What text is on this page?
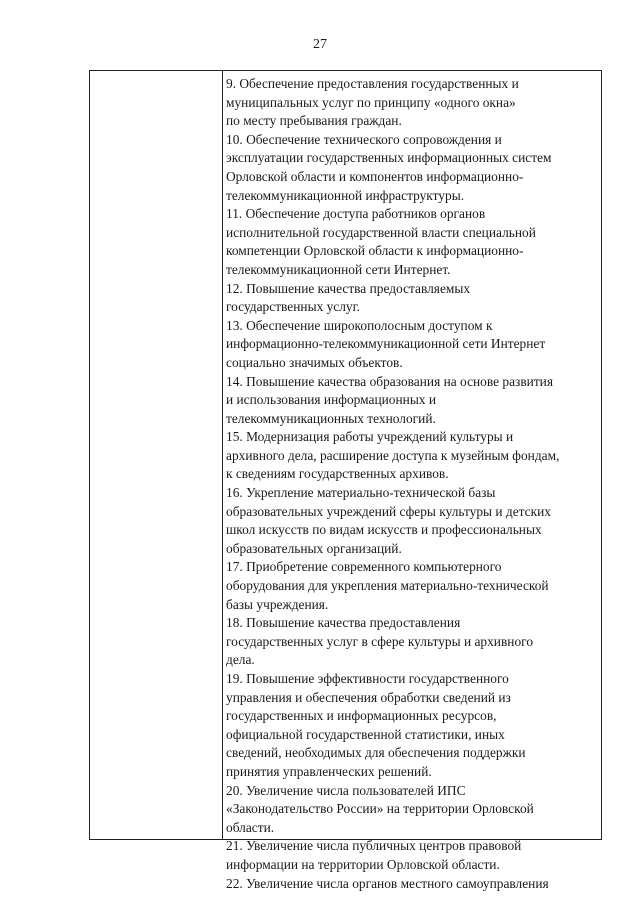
27
9. Обеспечение предоставления государственных и
муниципальных услуг по принципу «одного окна»
по месту пребывания граждан.
10. Обеспечение технического сопровождения и
эксплуатации государственных информационных систем
Орловской области и компонентов информационно-
телекоммуникационной инфраструктуры.
11. Обеспечение доступа работников органов
исполнительной государственной власти специальной
компетенции Орловской области к информационно-
телекоммуникационной сети Интернет.
12. Повышение качества предоставляемых
государственных услуг.
13. Обеспечение широкополосным доступом к
информационно-телекоммуникационной сети Интернет
социально значимых объектов.
14. Повышение качества образования на основе развития
и использования информационных и
телекоммуникационных технологий.
15. Модернизация работы учреждений культуры и
архивного дела, расширение доступа к музейным фондам,
к сведениям государственных архивов.
16. Укрепление материально-технической базы
образовательных учреждений сферы культуры и детских
школ искусств по видам искусств и профессиональных
образовательных организаций.
17. Приобретение современного компьютерного
оборудования для укрепления материально-технической
базы учреждения.
18. Повышение качества предоставления
государственных услуг в сфере культуры и архивного
дела.
19. Повышение эффективности государственного
управления и обеспечения обработки сведений из
государственных и информационных ресурсов,
официальной государственной статистики, иных
сведений, необходимых для обеспечения поддержки
принятия управленческих решений.
20. Увеличение числа пользователей ИПС
«Законодательство России» на территории Орловской
области.
21. Увеличение числа публичных центров правовой
информации на территории Орловской области.
22. Увеличение числа органов местного самоуправления
